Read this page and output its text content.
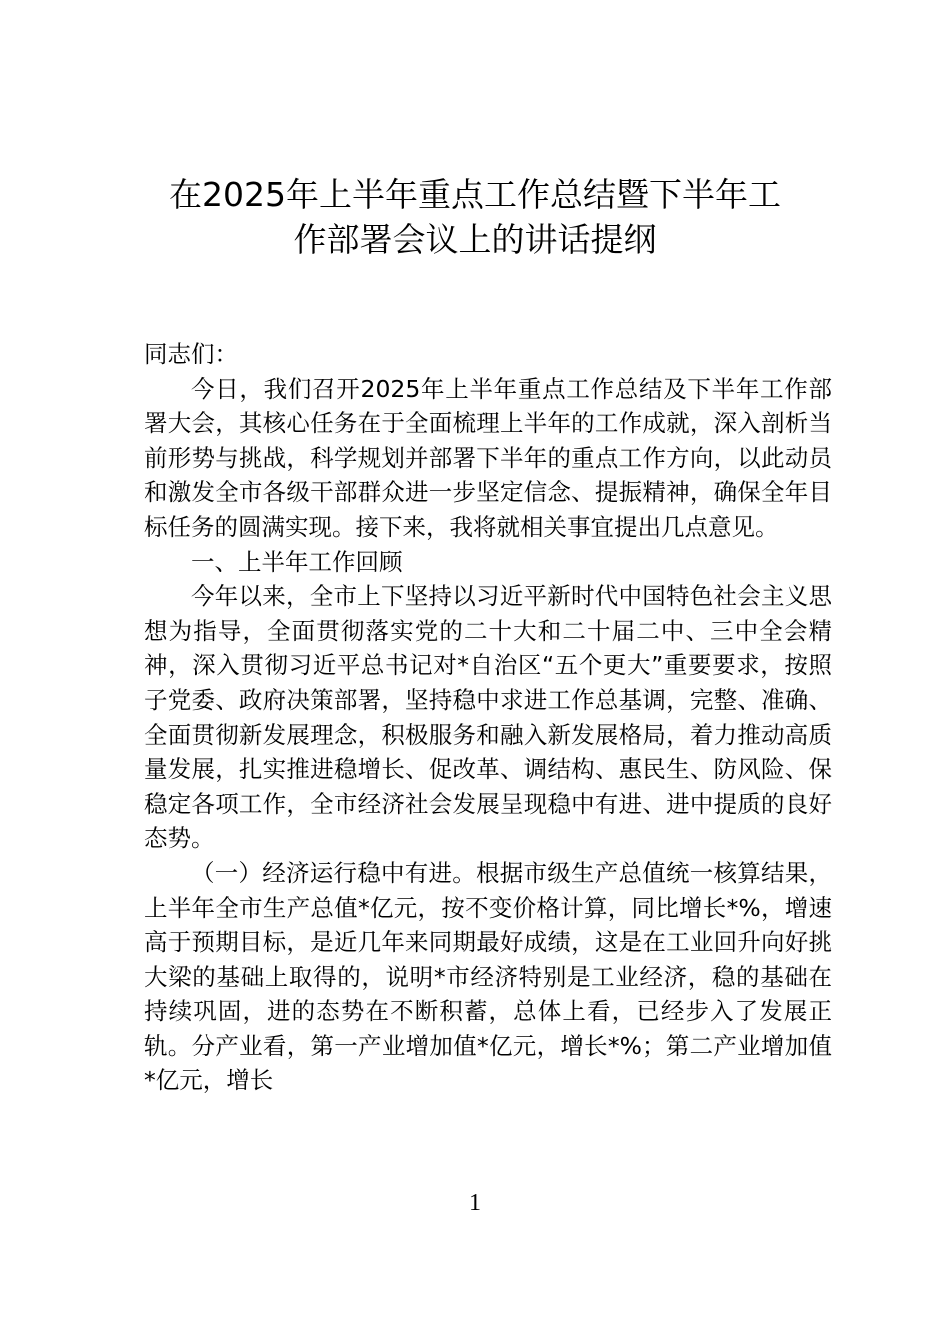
在2025年上半年重点工作总结暨下半年工
作部署会议上的讲话提纲

同志们：

今日，我们召开2025年上半年重点工作总结及下半年工作部署大会，其核心任务在于全面梳理上半年的工作成就，深入剖析当前形势与挑战，科学规划并部署下半年的重点工作方向，以此动员和激发全市各级干部群众进一步坚定信念、提振精神，确保全年目标任务的圆满实现。接下来，我将就相关事宜提出几点意见。

一、上半年工作回顾

今年以来，全市上下坚持以习近平新时代中国特色社会主义思想为指导，全面贯彻落实党的二十大和二十届二中、三中全会精神，深入贯彻习近平总书记对*自治区“五个更大”重要要求，按照子党委、政府决策部署，坚持稳中求进工作总基调，完整、准确、全面贯彻新发展理念，积极服务和融入新发展格局，着力推动高质量发展，扎实推进稳增长、促改革、调结构、惠民生、防风险、保稳定各项工作，全市经济社会发展呈现稳中有进、进中提质的良好态势。

（一）经济运行稳中有进。根据市级生产总值统一核算结果，上半年全市生产总值*亿元，按不变价格计算，同比增长*%，增速高于预期目标，是近几年来同期最好成绩，这是在工业回升向好挑大梁的基础上取得的，说明*市经济特别是工业经济，稳的基础在持续巩固，进的态势在不断积蓄，总体上看，已经步入了发展正轨。分产业看，第一产业增加值*亿元，增长*%；第二产业增加值*亿元，增长

1
